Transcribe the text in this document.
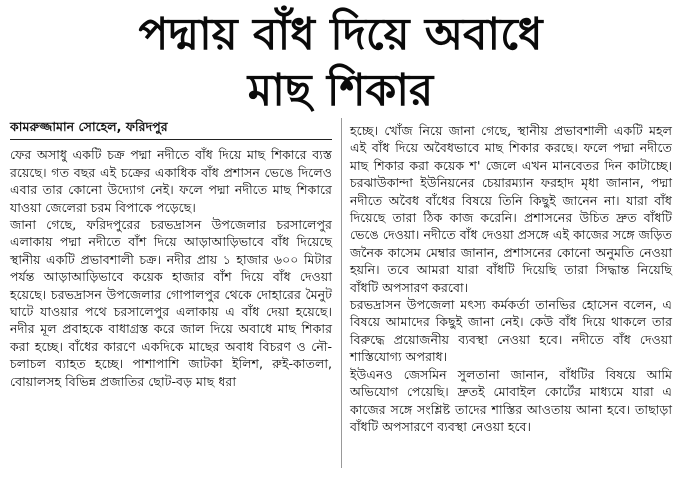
পদ্মায় বাঁধ দিয়ে অবাধে
মাছ শিকার
কামরুজ্জামান সোহেল, ফরিদপুর

ফের অসাধু একটি চক্র পদ্মা নদীতে বাঁধ দিয়ে মাছ শিকারে ব্যস্ত রয়েছে। গত বছর এই চক্রের একাধিক বাঁধ প্রশাসন ভেঙে দিলেও এবার তার কোনো উদ্যোগ নেই। ফলে পদ্মা নদীতে মাছ শিকারে যাওয়া জেলেরা চরম বিপাকে পড়েছে।

জানা গেছে, ফরিদপুরের চরভদ্রাসন উপজেলার চরসালেপুর এলাকায় পদ্মা নদীতে বাঁশ দিয়ে আড়াআড়িভাবে বাঁধ দিয়েছে স্থানীয় একটি প্রভাবশালী চক্র। নদীর প্রায় ১ হাজার ৬০০ মিটার পর্যন্ত আড়াআড়িভাবে কয়েক হাজার বাঁশ দিয়ে বাঁধ দেওয়া হয়েছে। চরভদ্রাসন উপজেলার গোপালপুর থেকে দোহারের মৈনুট ঘাটে যাওয়ার পথে চরসালেপুর এলাকায় এ বাঁধ দেয়া হয়েছে। নদীর মূল প্রবাহকে বাধাগ্রস্ত করে জাল দিয়ে অবাধে মাছ শিকার করা হচ্ছে। বাঁধের কারণে একদিকে মাছের অবাধ বিচরণ ও নৌ-চলাচল ব্যাহত হচ্ছে। পাশাপাশি জাটকা ইলিশ, রুই-কাতলা, বোয়ালসহ বিভিন্ন প্রজাতির ছোট-বড় মাছ ধরা

হচ্ছে। খোঁজ নিয়ে জানা গেছে, স্থানীয় প্রভাবশালী একটি মহল এই বাঁধ দিয়ে অবৈধভাবে মাছ শিকার করছে। ফলে পদ্মা নদীতে মাছ শিকার করা কয়েক শ' জেলে এখন মানবেতর দিন কাটাচ্ছে। চরঝাউকান্দা ইউনিয়নের চেয়ারম্যান ফরহাদ মৃধা জানান, পদ্মা নদীতে অবৈধ বাঁধের বিষয়ে তিনি কিছুই জানেন না। যারা বাঁধ দিয়েছে তারা ঠিক কাজ করেনি। প্রশাসনের উচিত দ্রুত বাঁধটি ভেঙে দেওয়া। নদীতে বাঁধ দেওয়া প্রসঙ্গে এই কাজের সঙ্গে জড়িত জনৈক কাসেম মেম্বার জানান, প্রশাসনের কোনো অনুমতি নেওয়া হয়নি। তবে আমরা যারা বাঁধটি দিয়েছি তারা সিদ্ধান্ত নিয়েছি বাঁধটি অপসারণ করবো।

চরভদ্রাসন উপজেলা মৎস্য কর্মকর্তা তানভির হোসেন বলেন, এ বিষয়ে আমাদের কিছুই জানা নেই। কেউ বাঁধ দিয়ে থাকলে তার বিরুদ্ধে প্রয়োজনীয় ব্যবস্থা নেওয়া হবে। নদীতে বাঁধ দেওয়া শাস্তিযোগ্য অপরাধ।

ইউএনও জেসমিন সুলতানা জানান, বাঁধটির বিষয়ে আমি অভিযোগ পেয়েছি। দ্রুতই মোবাইল কোর্টের মাধ্যমে যারা এ কাজের সঙ্গে সংশ্লিষ্ট তাদের শাস্তির আওতায় আনা হবে। তাছাড়া বাঁধটি অপসারণে ব্যবস্থা নেওয়া হবে।
